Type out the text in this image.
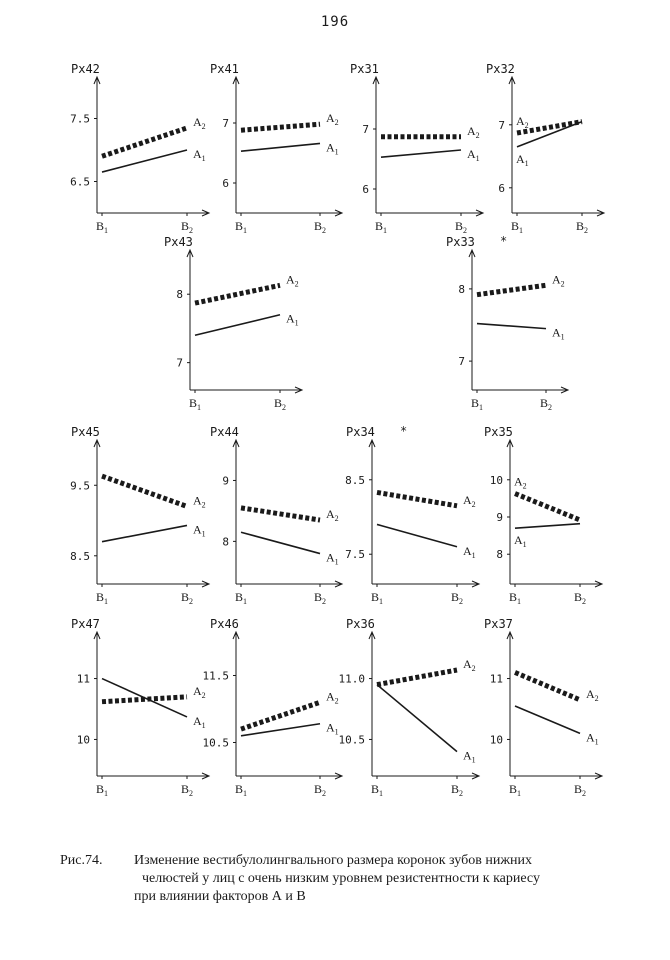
196
Px42
7.5
6.5
$B_1$	$B_2$
$A_1$
$A_2$
Px41
7
6
$B_1$	$B_2$
$A_1$
$A_2$
Px31
7
6
$B_1$	$B_2$
$A_1$
$A_2$
Px32
7
6
$B_1$	$B_2$
$A_1$
$A_2$
Px43
8
7
$B_1$	$B_2$
$A_1$
$A_2$
Px33 *
8
7
$B_1$	$B_2$
$A_1$
$A_2$
Px45
9.5
8.5
$B_1$	$B_2$
$A_1$
$A_2$
Px44
9
8
$B_1$	$B_2$
$A_1$
$A_2$
Px34 *
8.5
7.5
$B_1$	$B_2$
$A_1$
$A_2$
Px35
10
9
8
$B_1$	$B_2$
$A_1$
$A_2$
Px47
11
10
$B_1$	$B_2$
$A_1$
$A_2$
Px46
11.5
10.5
$B_1$	$B_2$
$A_1$
$A_2$
Px36
11.0
10.5
$B_1$	$B_2$
$A_1$
$A_2$
Px37
11
10
$B_1$	$B_2$
$A_1$
$A_2$
Рис.74.	Изменение вестибулолингвального размера коронок зубов нижних
челюстей у лиц с очень низким уровнем резистентности к кариесу
при влиянии факторов А и В
